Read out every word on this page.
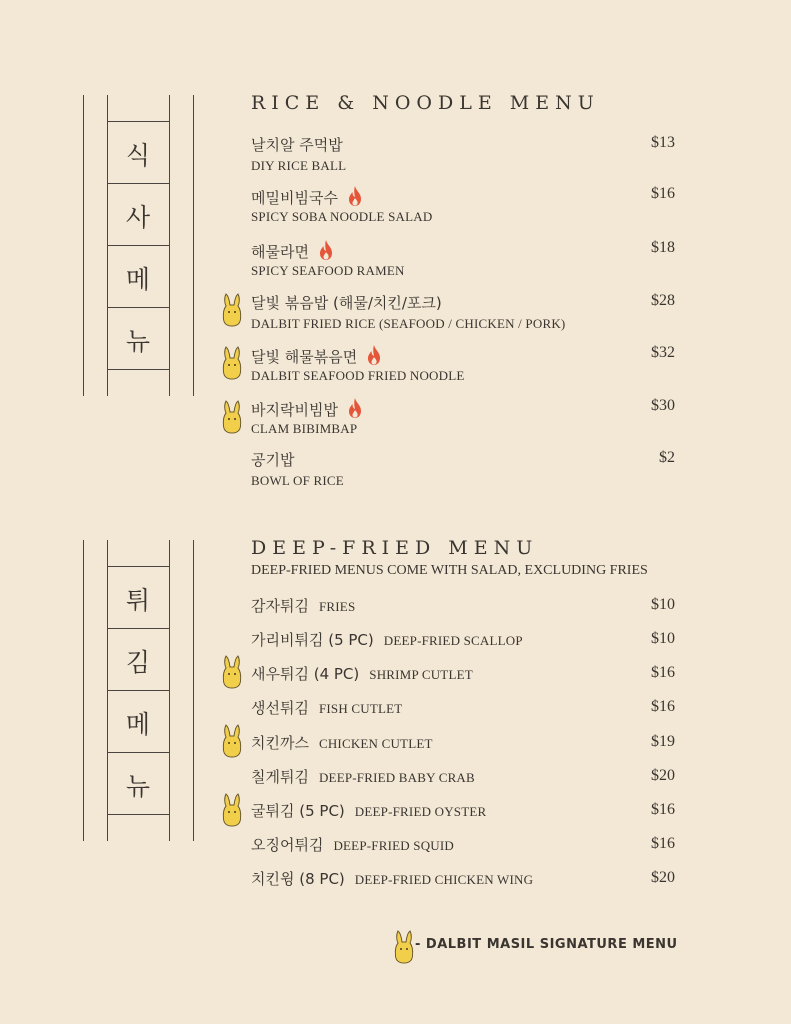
식
사
메
뉴
RICE & NOODLE MENU
날치알 주먹밥
DIY RICE BALL
$13
메밀비빔국수
SPICY SOBA NOODLE SALAD
$16
해물라면
SPICY SEAFOOD RAMEN
$18
달빛 볶음밥 (해물/치킨/포크)
DALBIT FRIED RICE (SEAFOOD / CHICKEN / PORK)
$28
달빛 해물볶음면
DALBIT SEAFOOD FRIED NOODLE
$32
바지락비빔밥
CLAM BIBIMBAP
$30
공기밥
BOWL OF RICE
$2
튀
김
메
뉴
DEEP-FRIED MENU
DEEP-FRIED MENUS COME WITH SALAD, EXCLUDING FRIES
감자튀김 FRIES	$10
가리비튀김 (5 PC) DEEP-FRIED SCALLOP	$10
새우튀김 (4 PC) SHRIMP CUTLET	$16
생선튀김 FISH CUTLET	$16
치킨까스 CHICKEN CUTLET	$19
칠게튀김 DEEP-FRIED BABY CRAB	$20
굴튀김 (5 PC) DEEP-FRIED OYSTER	$16
오징어튀김 DEEP-FRIED SQUID	$16
치킨윙 (8 PC) DEEP-FRIED CHICKEN WING	$20
- DALBIT MASIL SIGNATURE MENU
